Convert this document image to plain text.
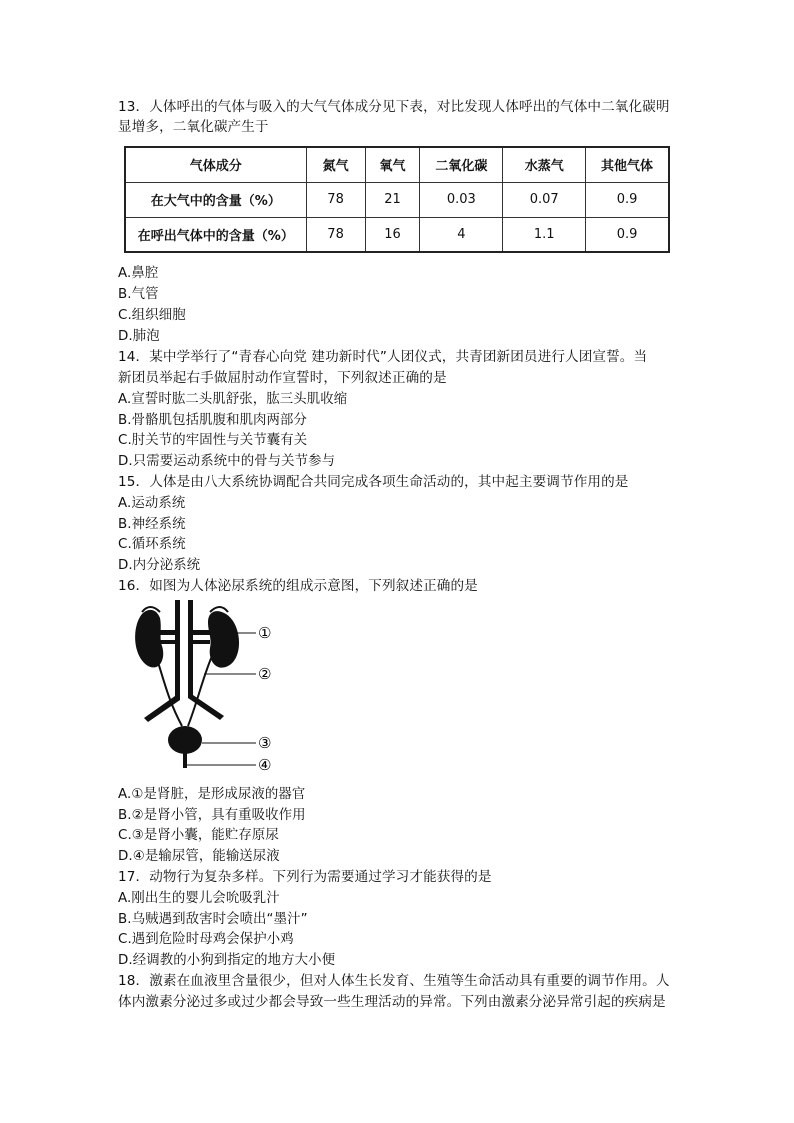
13．人体呼出的气体与吸入的大气气体成分见下表，对比发现人体呼出的气体中二氧化碳明
显增多，二氧化碳产生于
气体成分	氮气	氧气	二氧化碳	水蒸气	其他气体
在大气中的含量（%）	78	21	0.03	0.07	0.9
在呼出气体中的含量（%）	78	16	4	1.1	0.9
A.鼻腔
B.气管
C.组织细胞
D.肺泡
14．某中学举行了“青春心向党 建功新时代”人团仪式，共青团新团员进行人团宣誓。当
新团员举起右手做屈肘动作宣誓时，下列叙述正确的是
A.宣誓时肱二头肌舒张，肱三头肌收缩
B.骨骼肌包括肌腹和肌肉两部分
C.肘关节的牢固性与关节囊有关
D.只需要运动系统中的骨与关节参与
15．人体是由八大系统协调配合共同完成各项生命活动的，其中起主要调节作用的是
A.运动系统
B.神经系统
C.循环系统
D.内分泌系统
16．如图为人体泌尿系统的组成示意图，下列叙述正确的是
①
②
③
④
A.①是肾脏，是形成尿液的器官
B.②是肾小管，具有重吸收作用
C.③是肾小囊，能贮存原尿
D.④是输尿管，能输送尿液
17．动物行为复杂多样。下列行为需要通过学习才能获得的是
A.刚出生的婴儿会吮吸乳汁
B.乌贼遇到敌害时会喷出“墨汁”
C.遇到危险时母鸡会保护小鸡
D.经调教的小狗到指定的地方大小便
18．激素在血液里含量很少，但对人体生长发育、生殖等生命活动具有重要的调节作用。人
体内激素分泌过多或过少都会导致一些生理活动的异常。下列由激素分泌异常引起的疾病是
